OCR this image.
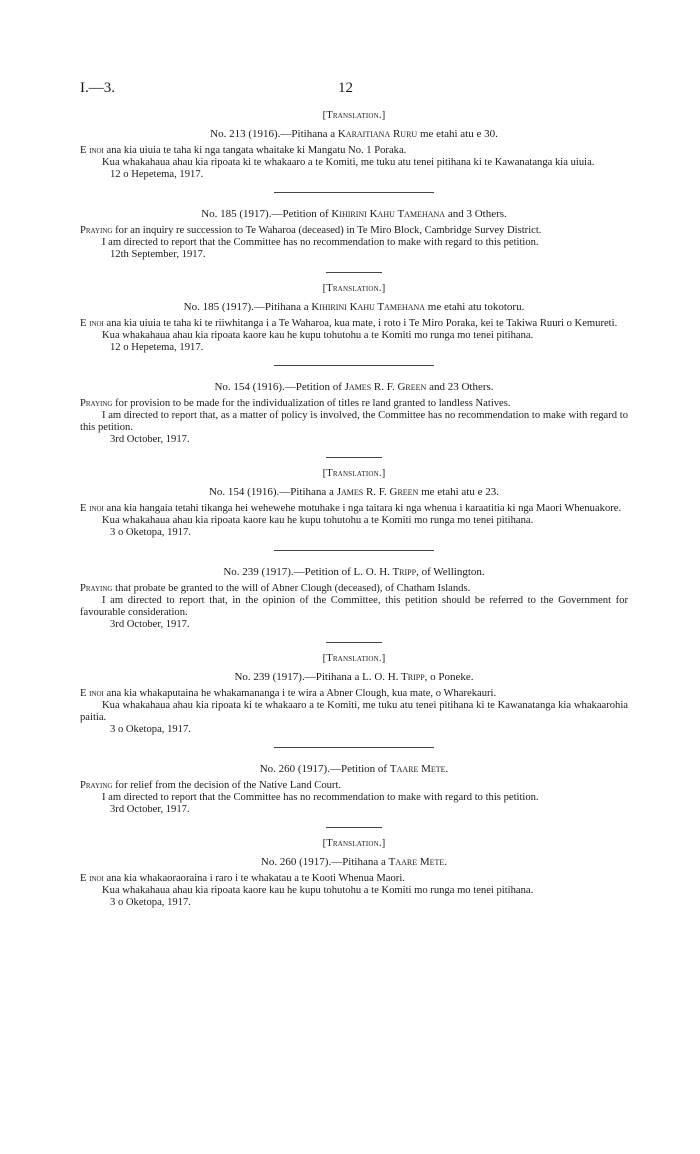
I.—3.	12

[Translation.]

No. 213 (1916).—Pitihana a Karaitiana Ruru me etahi atu e 30.

E inoi ana kia uiuia te taha ki nga tangata whaitake ki Mangatu No. 1 Poraka.

Kua whakahaua ahau kia ripoata ki te whakaaro a te Komiti, me tuku atu tenei pitihana ki te Kawanatanga kia uiuia.

12 o Hepetema, 1917.

No. 185 (1917).—Petition of Kihirini Kahu Tamehana and 3 Others.

Praying for an inquiry re succession to Te Waharoa (deceased) in Te Miro Block, Cambridge Survey District.

I am directed to report that the Committee has no recommendation to make with regard to this petition.

12th September, 1917.

[Translation.]

No. 185 (1917).—Pitihana a Kihirini Kahu Tamehana me etahi atu tokotoru.

E inoi ana kia uiuia te taha ki te riiwhitanga i a Te Waharoa, kua mate, i roto i Te Miro Poraka, kei te Takiwa Ruuri o Kemureti.

Kua whakahaua ahau kia ripoata kaore kau he kupu tohutohu a te Komiti mo runga mo tenei pitihana.

12 o Hepetema, 1917.

No. 154 (1916).—Petition of James R. F. Green and 23 Others.

Praying for provision to be made for the individualization of titles re land granted to landless Natives.

I am directed to report that, as a matter of policy is involved, the Committee has no recommendation to make with regard to this petition.

3rd October, 1917.

[Translation.]

No. 154 (1916).—Pitihana a James R. F. Green me etahi atu e 23.

E inoi ana kia hangaia tetahi tikanga hei wehewehe motuhake i nga taitara ki nga whenua i karaatitia ki nga Maori Whenuakore.

Kua whakahaua ahau kia ripoata kaore kau he kupu tohutohu a te Komiti mo runga mo tenei pitihana.

3 o Oketopa, 1917.

No. 239 (1917).—Petition of L. O. H. Tripp, of Wellington.

Praying that probate be granted to the will of Abner Clough (deceased), of Chatham Islands.

I am directed to report that, in the opinion of the Committee, this petition should be referred to the Government for favourable consideration.

3rd October, 1917.

[Translation.]

No. 239 (1917).—Pitihana a L. O. H. Tripp, o Poneke.

E inoi ana kia whakaputaina he whakamananga i te wira a Abner Clough, kua mate, o Wharekauri.

Kua whakahaua ahau kia ripoata ki te whakaaro a te Komiti, me tuku atu tenei pitihana ki te Kawanatanga kia whakaarohia paitia.

3 o Oketopa, 1917.

No. 260 (1917).—Petition of Taare Mete.

Praying for relief from the decision of the Native Land Court.

I am directed to report that the Committee has no recommendation to make with regard to this petition.

3rd October, 1917.

[Translation.]

No. 260 (1917).—Pitihana a Taare Mete.

E inoi ana kia whakaoraoraina i raro i te whakatau a te Kooti Whenua Maori.

Kua whakahaua ahau kia ripoata kaore kau he kupu tohutohu a te Komiti mo runga mo tenei pitihana.

3 o Oketopa, 1917.
